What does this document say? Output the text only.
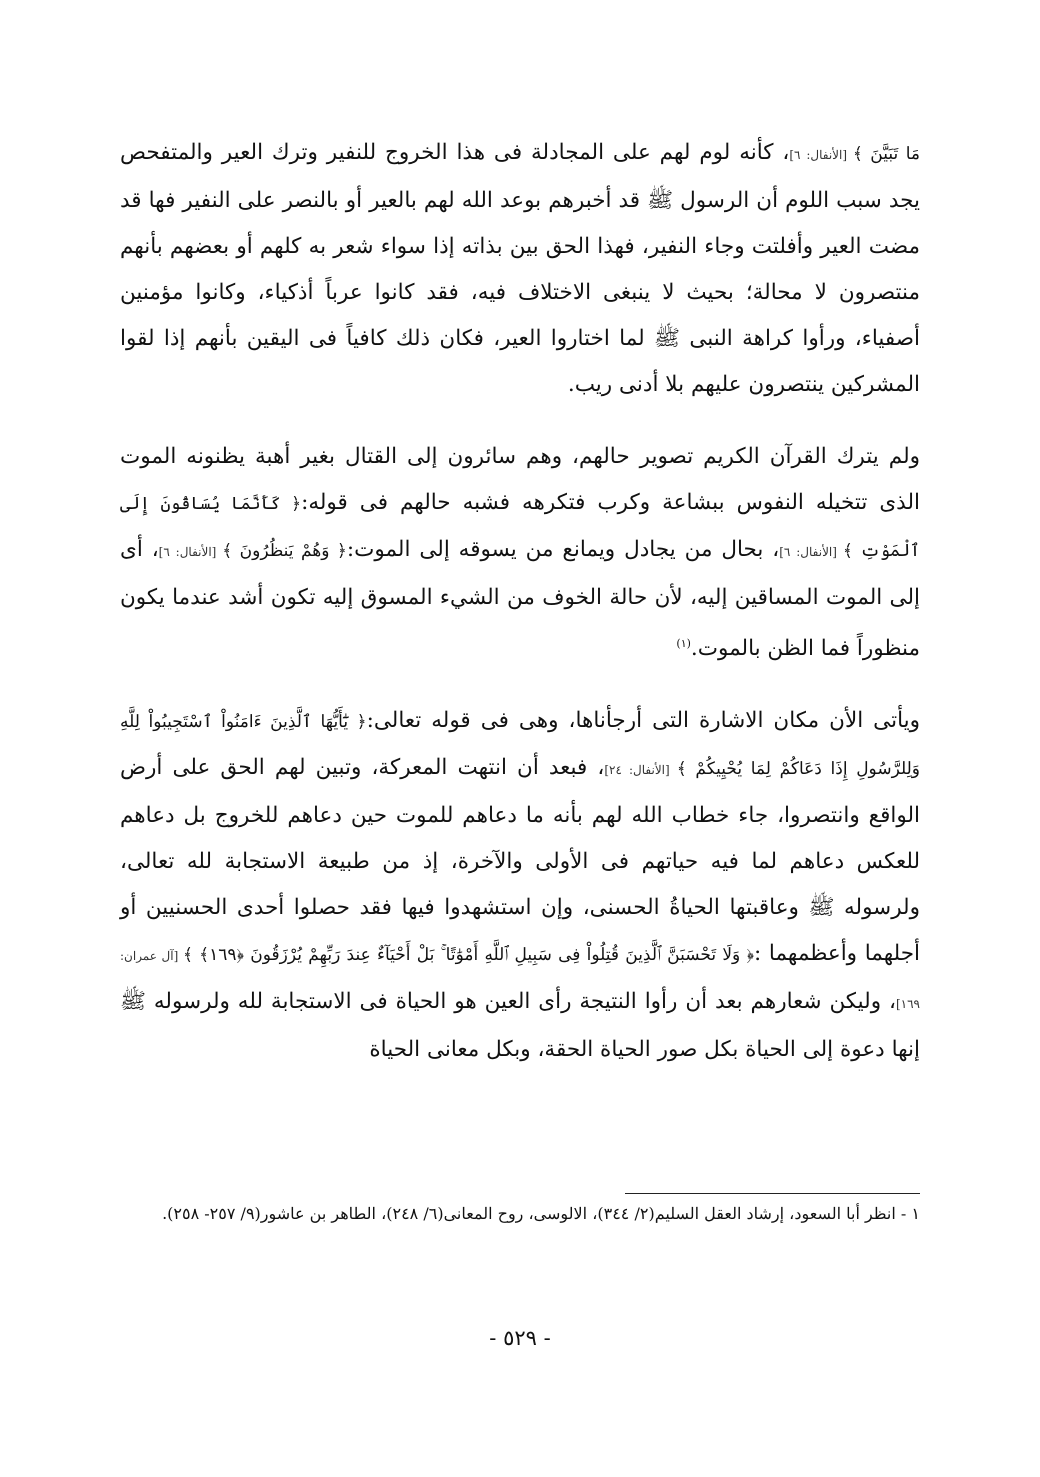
مَا تَبَيَّنَ ﴾ [الأنفال: ٦]، كأنه لوم لهم على المجادلة فى هذا الخروج للنفير وترك العير والمتفحص يجد سبب اللوم أن الرسول ﷺ قد أخبرهم بوعد الله لهم بالعير أو بالنصر على النفير فها قد مضت العير وأفلتت وجاء النفير، فهذا الحق بين بذاته إذا سواء شعر به كلهم أو بعضهم بأنهم منتصرون لا محالة؛ بحيث لا ينبغى الاختلاف فيه، فقد كانوا عرباً أذكياء، وكانوا مؤمنين أصفياء، ورأوا كراهة النبى ﷺ لما اختاروا العير، فكان ذلك كافياً فى اليقين بأنهم إذا لقوا المشركين ينتصرون عليهم بلا أدنى ريب.

ولم يترك القرآن الكريم تصوير حالهم، وهم سائرون إلى القتال بغير أهبة يظنونه الموت الذى تتخيله النفوس ببشاعة وكرب فتكرهه فشبه حالهم فى قوله:﴿ كَأَنَّمَا يُسَاقُونَ إِلَى ٱلْمَوْتِ ﴾ [الأنفال: ٦]، بحال من يجادل ويمانع من يسوقه إلى الموت:﴿ وَهُمْ يَنظُرُونَ ﴾ [الأنفال: ٦]، أى إلى الموت المساقين إليه، لأن حالة الخوف من الشيء المسوق إليه تكون أشد عندما يكون منظوراً فما الظن بالموت.$^{(١)}$

ويأتى الأن مكان الاشارة التى أرجأناها، وهى فى قوله تعالى:﴿ يَٰٓأَيُّهَا ٱلَّذِينَ ءَامَنُواْ ٱسْتَجِيبُواْ لِلَّهِ وَلِلرَّسُولِ إِذَا دَعَاكُمْ لِمَا يُحْيِيكُمْ ﴾ [الأنفال: ٢٤]، فبعد أن انتهت المعركة، وتبين لهم الحق على أرض الواقع وانتصروا، جاء خطاب الله لهم بأنه ما دعاهم للموت حين دعاهم للخروج بل دعاهم للعكس دعاهم لما فيه حياتهم فى الأولى والآخرة، إذ من طبيعة الاستجابة لله تعالى، ولرسوله ﷺ وعاقبتها الحياةُ الحسنى، وإن استشهدوا فيها فقد حصلوا أحدى الحسنيين أو أجلهما وأعظمهما :﴿ وَلَا تَحْسَبَنَّ ٱلَّذِينَ قُتِلُواْ فِى سَبِيلِ ٱللَّهِ أَمْوَٰتًا ۚ بَلْ أَحْيَآءٌ عِندَ رَبِّهِمْ يُرْزَقُونَ ﴿١٦٩﴾ ﴾ [آل عمران: ١٦٩]، وليكن شعارهم بعد أن رأوا النتيجة رأى العين هو الحياة فى الاستجابة لله ولرسوله ﷺ إنها دعوة إلى الحياة بكل صور الحياة الحقة، وبكل معانى الحياة

١ - انظر أبا السعود، إرشاد العقل السليم(٢/ ٣٤٤)، الالوسى، روح المعانى(٦/ ٢٤٨)، الطاهر بن عاشور(٩/ ٢٥٧- ٢٥٨).
- ٥٢٩ -
